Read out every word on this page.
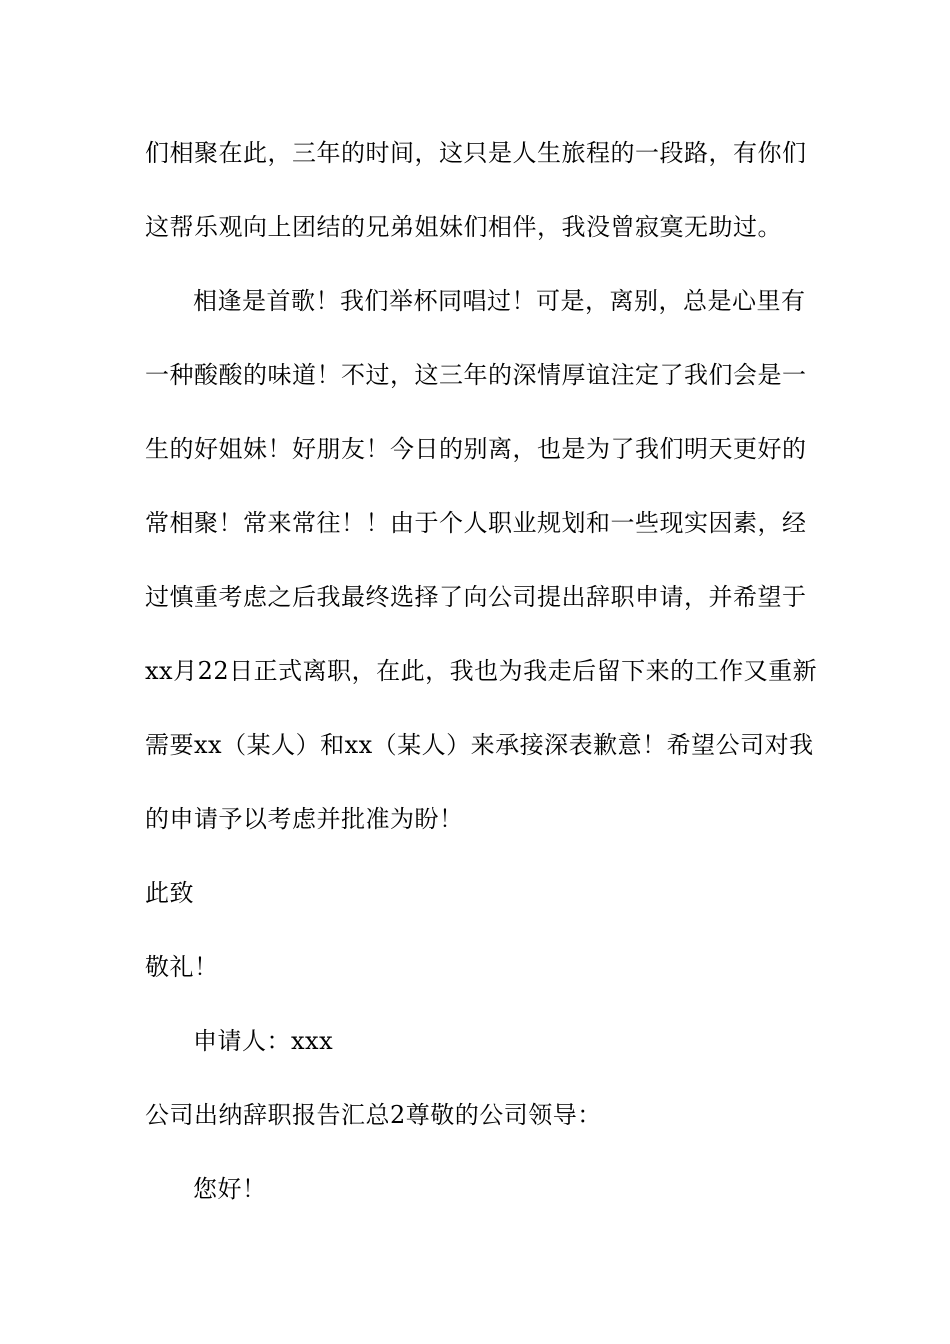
们相聚在此，三年的时间，这只是人生旅程的一段路，有你们
这帮乐观向上团结的兄弟姐妹们相伴，我没曾寂寞无助过。
相逢是首歌！我们举杯同唱过！可是，离别，总是心里有
一种酸酸的味道！不过，这三年的深情厚谊注定了我们会是一
生的好姐妹！好朋友！今日的别离，也是为了我们明天更好的
常相聚！常来常往！！由于个人职业规划和一些现实因素，经
过慎重考虑之后我最终选择了向公司提出辞职申请，并希望于
xx月22日正式离职，在此，我也为我走后留下来的工作又重新
需要xx（某人）和xx（某人）来承接深表歉意！希望公司对我
的申请予以考虑并批准为盼！
此致
敬礼！
申请人：xxx
公司出纳辞职报告汇总2尊敬的公司领导：
您好！
